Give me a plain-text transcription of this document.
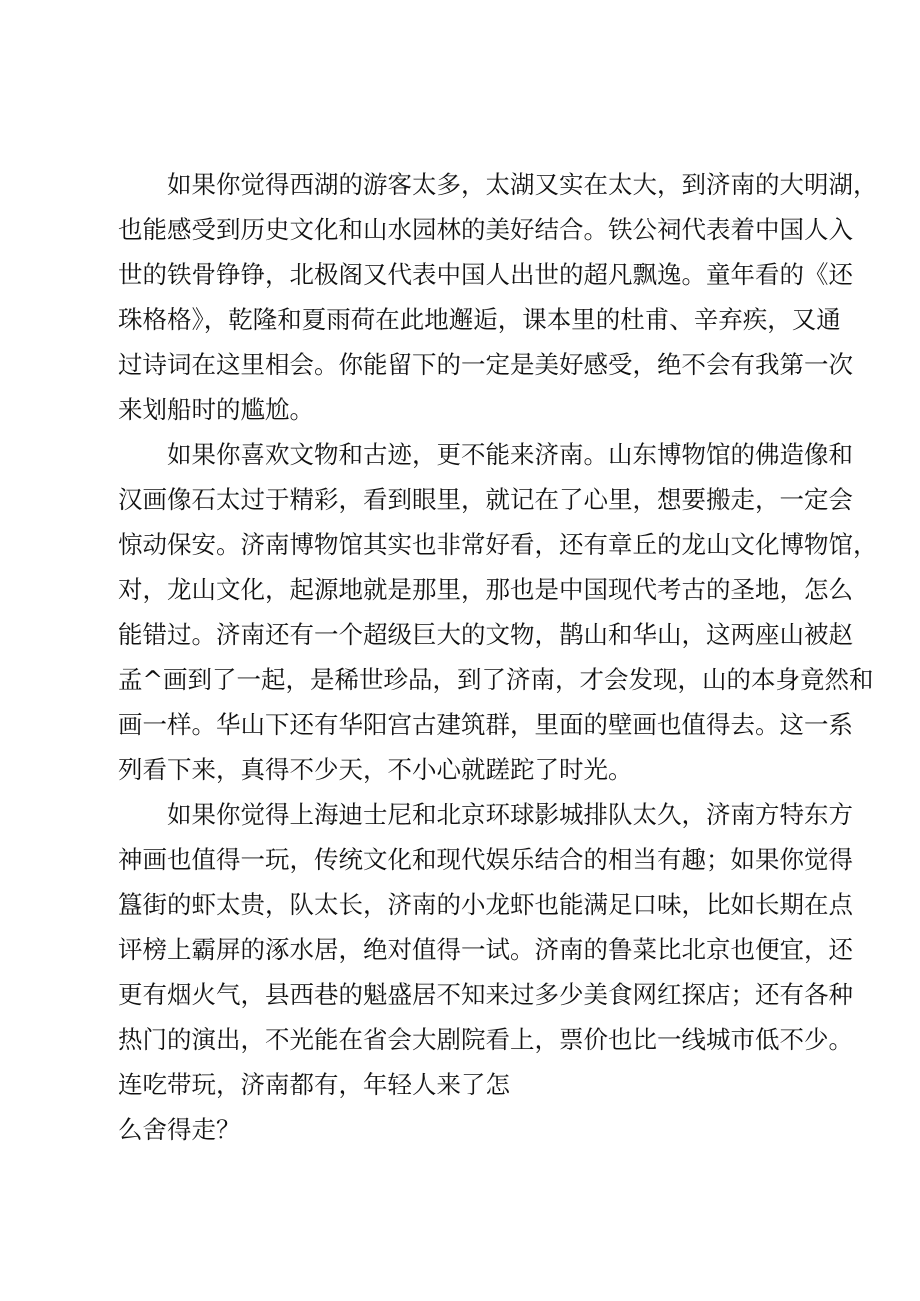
如果你觉得西湖的游客太多，太湖又实在太大，到济南的大明湖，
也能感受到历史文化和山水园林的美好结合。铁公祠代表着中国人入
世的铁骨铮铮，北极阁又代表中国人出世的超凡飘逸。童年看的《还
珠格格》，乾隆和夏雨荷在此地邂逅，课本里的杜甫、辛弃疾，又通
过诗词在这里相会。你能留下的一定是美好感受，绝不会有我第一次
来划船时的尴尬。
如果你喜欢文物和古迹，更不能来济南。山东博物馆的佛造像和
汉画像石太过于精彩，看到眼里，就记在了心里，想要搬走，一定会
惊动保安。济南博物馆其实也非常好看，还有章丘的龙山文化博物馆，
对，龙山文化，起源地就是那里，那也是中国现代考古的圣地，怎么
能错过。济南还有一个超级巨大的文物，鹊山和华山，这两座山被赵
孟^画到了一起，是稀世珍品，到了济南，才会发现，山的本身竟然和
画一样。华山下还有华阳宫古建筑群，里面的壁画也值得去。这一系
列看下来，真得不少天，不小心就蹉跎了时光。
如果你觉得上海迪士尼和北京环球影城排队太久，济南方特东方
神画也值得一玩，传统文化和现代娱乐结合的相当有趣；如果你觉得
簋街的虾太贵，队太长，济南的小龙虾也能满足口味，比如长期在点
评榜上霸屏的涿水居，绝对值得一试。济南的鲁菜比北京也便宜，还
更有烟火气，县西巷的魁盛居不知来过多少美食网红探店；还有各种
热门的演出，不光能在省会大剧院看上，票价也比一线城市低不少。
连吃带玩，济南都有，年轻人来了怎
么舍得走？
